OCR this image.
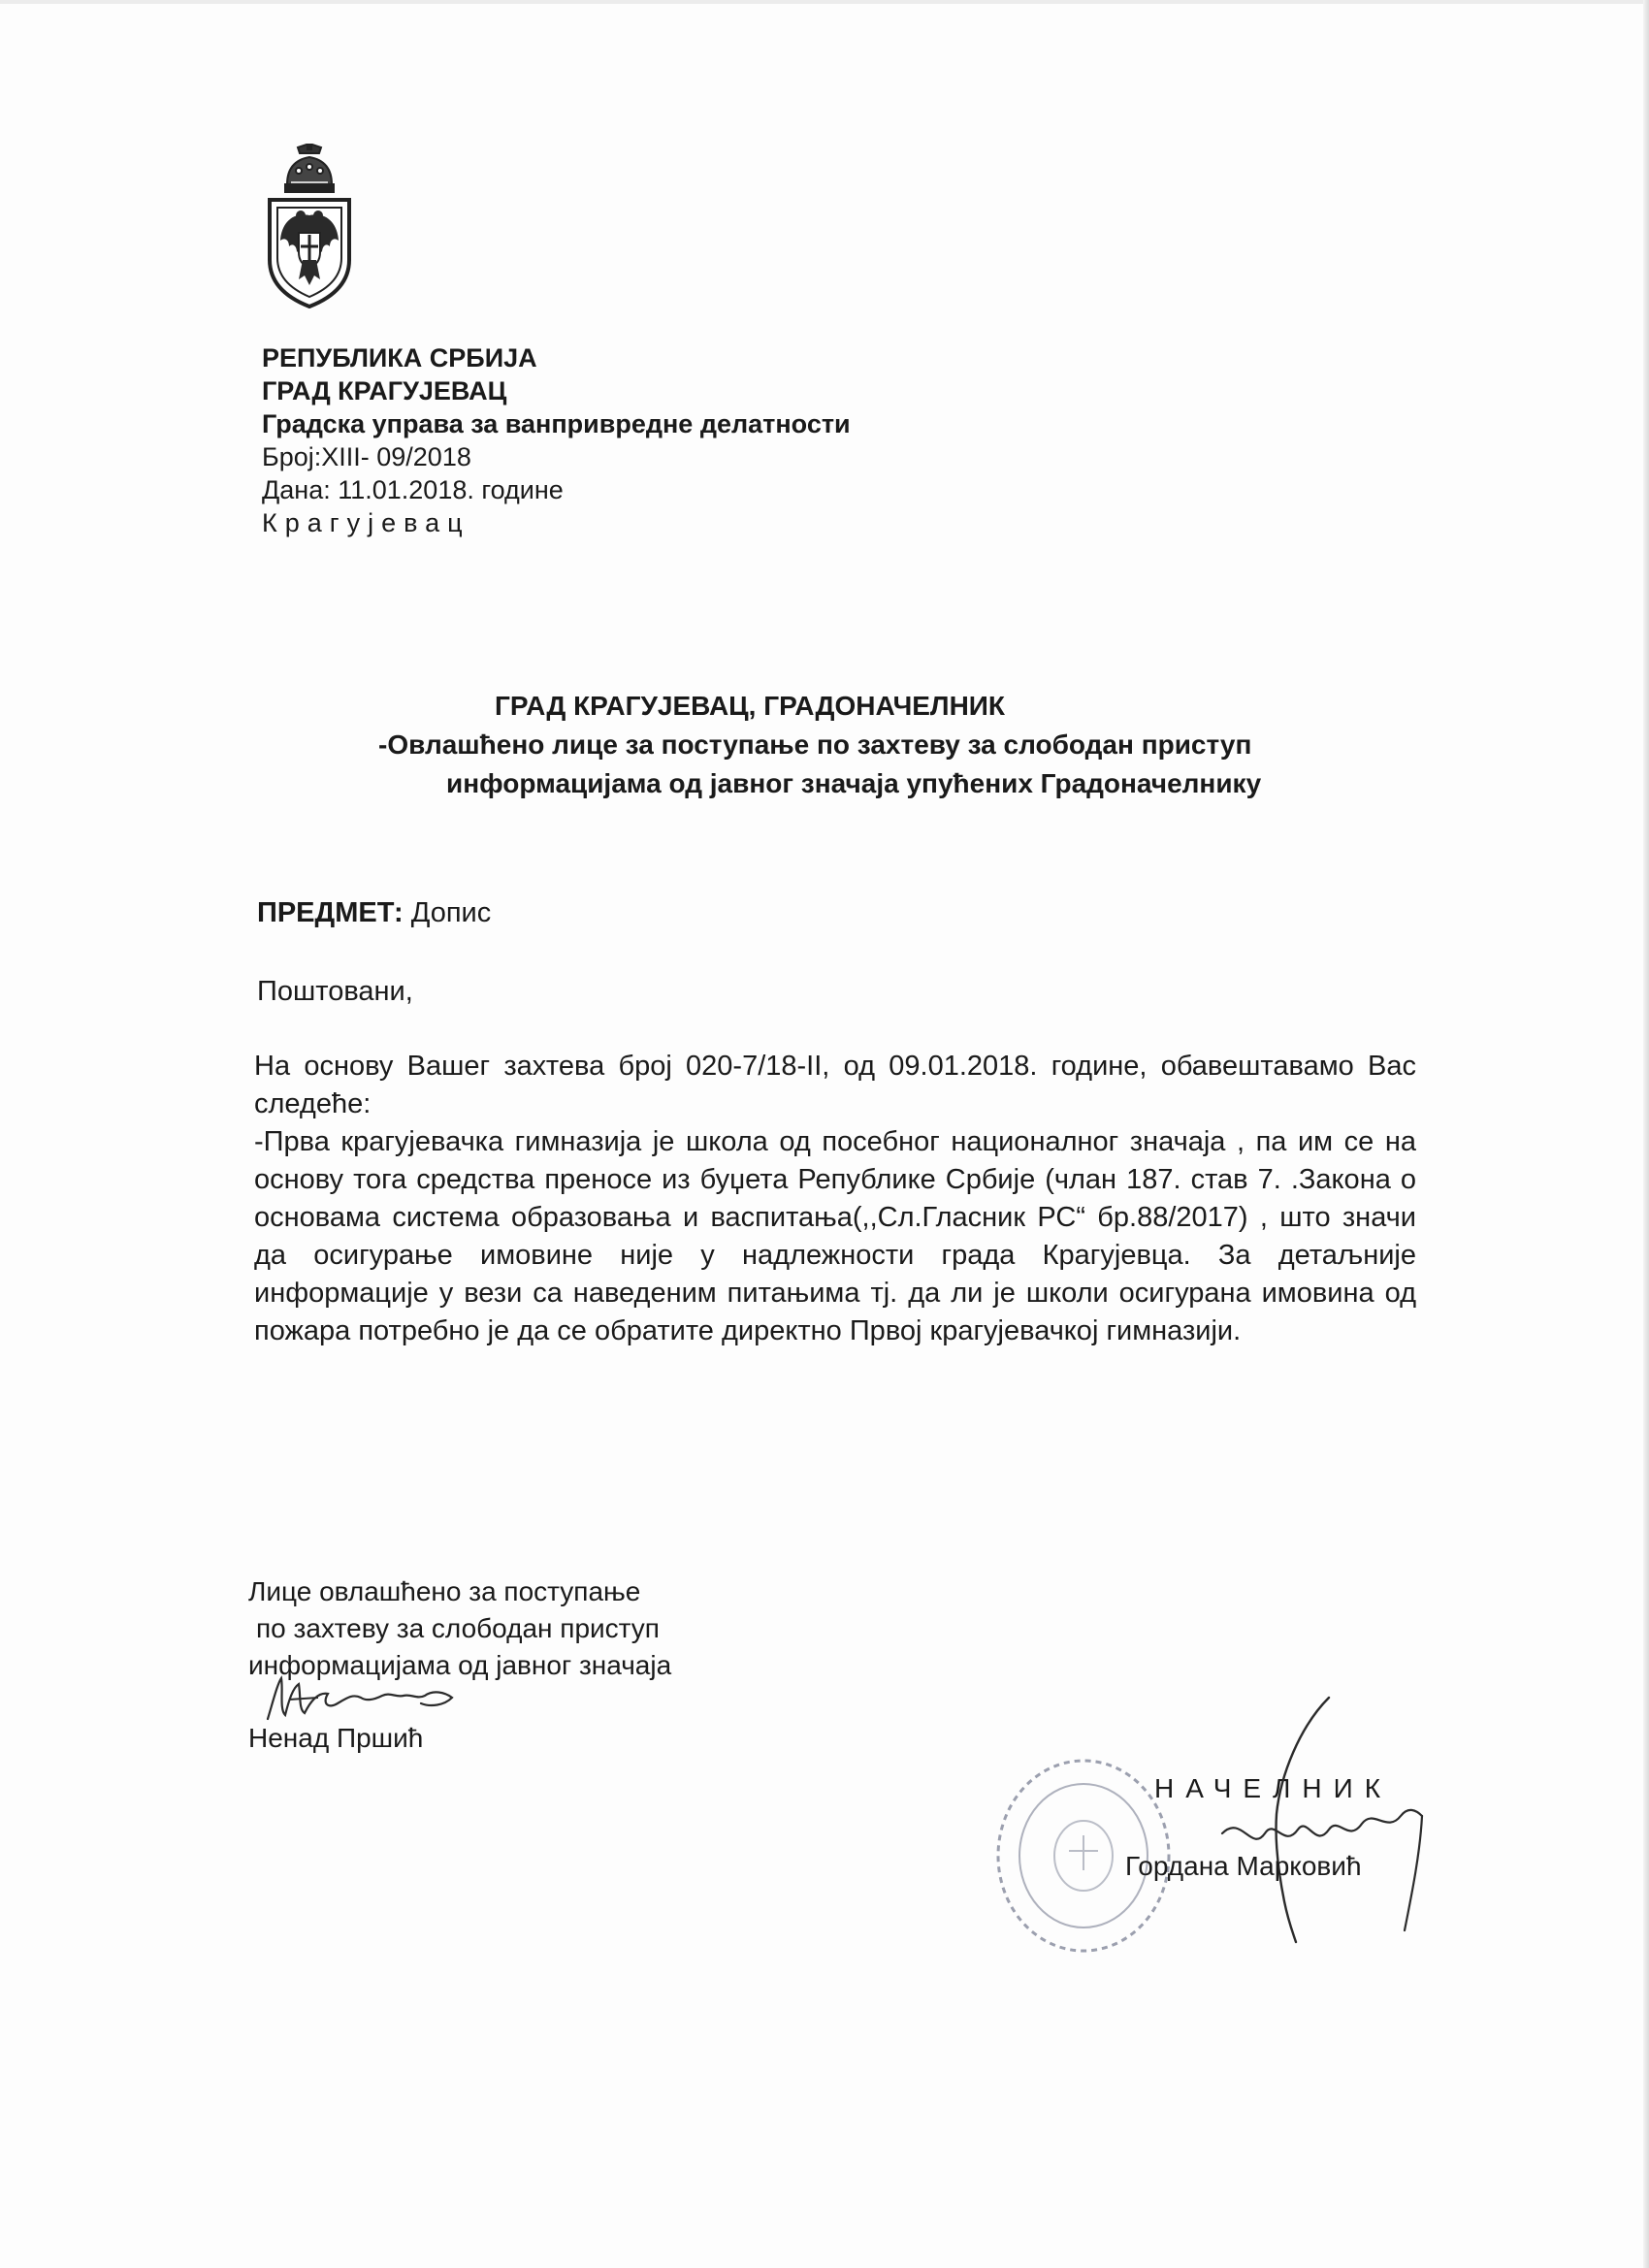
РЕПУБЛИКА СРБИЈА
ГРАД КРАГУЈЕВАЦ
Градска управа за ванпривредне делатности
Број:XIII- 09/2018
Дана: 11.01.2018. године
Крагујевац
ГРАД КРАГУЈЕВАЦ, ГРАДОНАЧЕЛНИК
-Овлашћено лице за поступање по захтеву за слободан приступ
информацијама од јавног значаја упућених Градоначелнику
ПРЕДМЕТ: Допис
Поштовани,

На основу Вашег захтева број 020-7/18-II, од 09.01.2018. године, обавештавамо Вас следеће:

-Прва крагујевачка гимназија је школа од посебног националног значаја , па им се на основу тога средства преносе из буџета Републике Србије (члан 187. став 7. .Закона о основама система образовања и васпитања(,,Сл.Гласник РС“ бр.88/2017) , што значи да осигурање имовине није у надлежности града Крагујевца. За детаљније информације у вези са наведеним питањима тј. да ли је школи осигурана имовина од пожара потребно је да се обратите директно Првој крагујевачкој гимназији.

Лице овлашћено за поступање
по захтеву за слободан приступ
информацијама од јавног значаја
Ненад Пршић
НАЧЕЛНИК
Гордана Марковић
